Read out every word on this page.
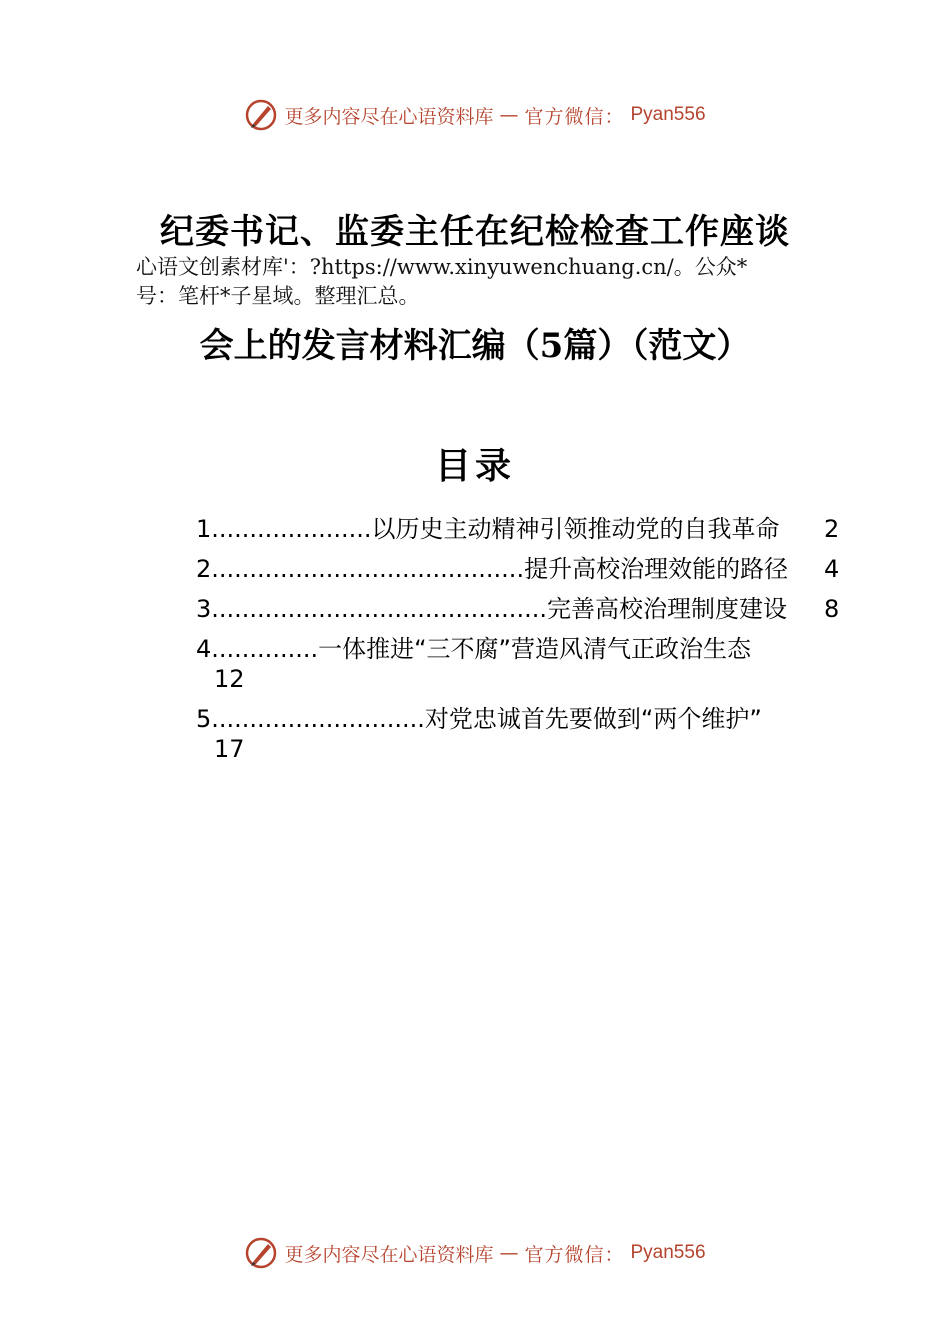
更多内容尽在心语资料库 — 官方微信： Pyan556
纪委书记、监委主任在纪检检查工作座谈
心语文创素材库'：?https://www.xinyuwenchuang.cn/。公众*
号：笔杆*子星域。整理汇总。
会上的发言材料汇编（5篇）（范文）
目录
1 ..................... 以历史主动精神引领推动党的自我革命 2
2 ......................................... 提升高校治理效能的路径 4
3 ............................................ 完善高校治理制度建设 8
4 .............. 一体推进“三不腐”营造风清气正政治生态
12
5 ............................ 对党忠诚首先要做到“两个维护”
17
更多内容尽在心语资料库 — 官方微信： Pyan556
